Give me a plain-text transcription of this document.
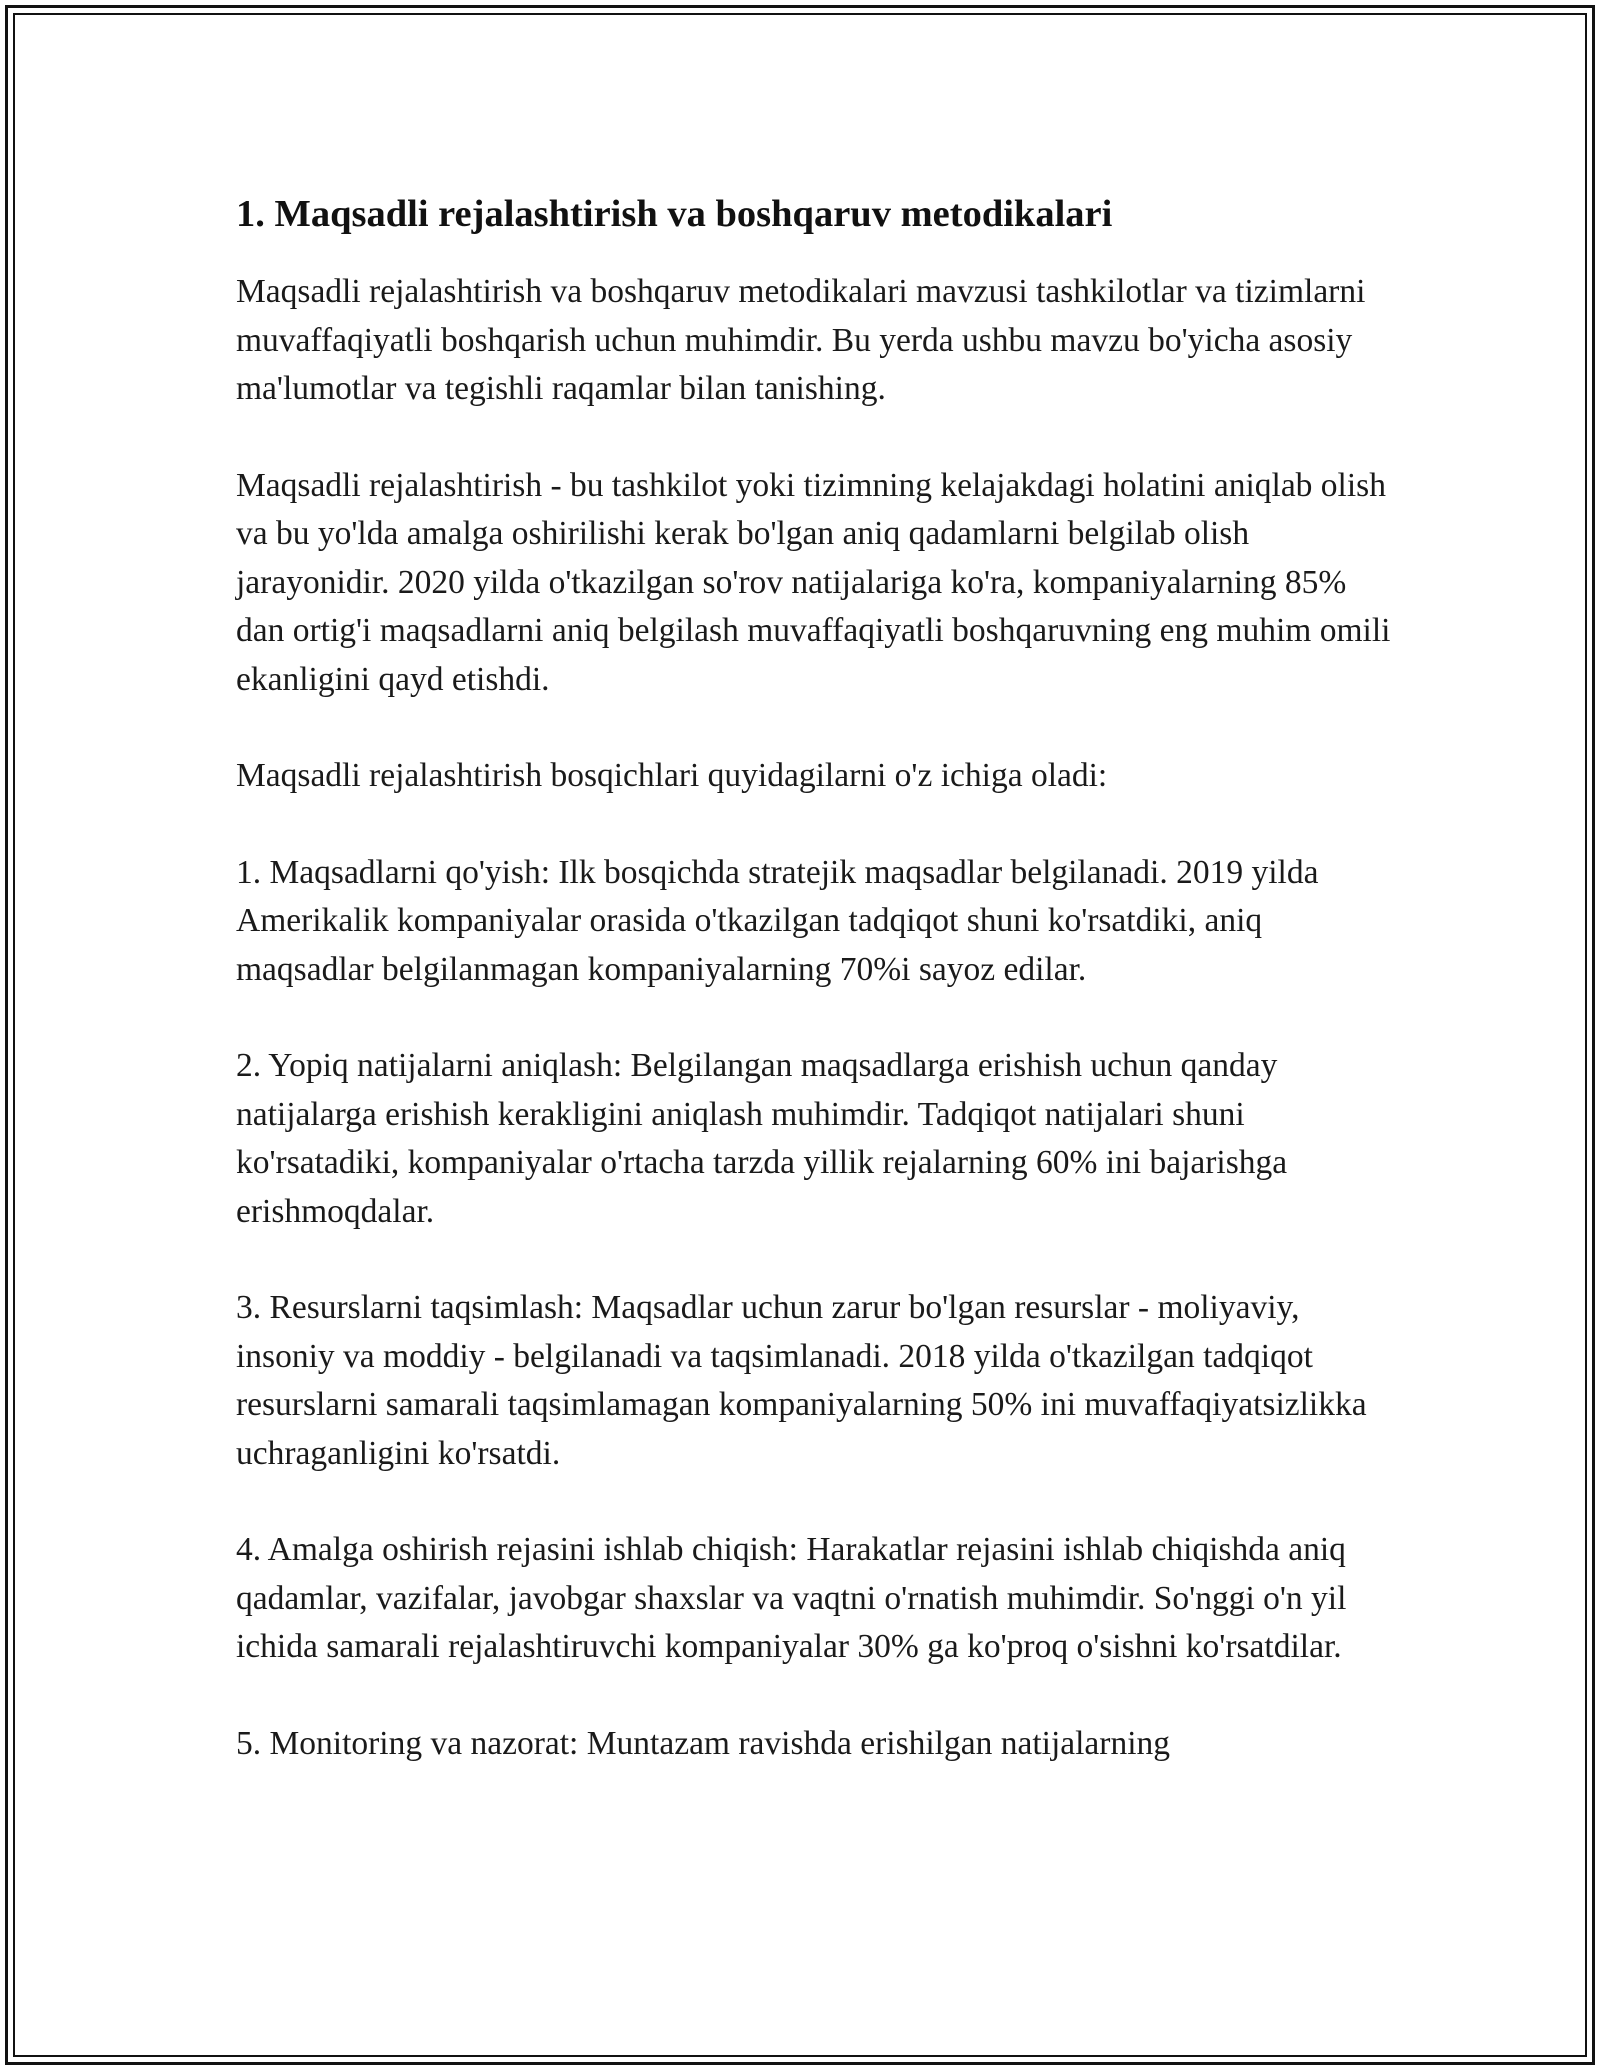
1. Maqsadli rejalashtirish va boshqaruv metodikalari

Maqsadli rejalashtirish va boshqaruv metodikalari mavzusi tashkilotlar va tizimlarni muvaffaqiyatli boshqarish uchun muhimdir. Bu yerda ushbu mavzu bo'yicha asosiy ma'lumotlar va tegishli raqamlar bilan tanishing.

Maqsadli rejalashtirish - bu tashkilot yoki tizimning kelajakdagi holatini aniqlab olish va bu yo'lda amalga oshirilishi kerak bo'lgan aniq qadamlarni belgilab olish jarayonidir. 2020 yilda o'tkazilgan so'rov natijalariga ko'ra, kompaniyalarning 85% dan ortig'i maqsadlarni aniq belgilash muvaffaqiyatli boshqaruvning eng muhim omili ekanligini qayd etishdi.

Maqsadli rejalashtirish bosqichlari quyidagilarni o'z ichiga oladi:

1. Maqsadlarni qo'yish: Ilk bosqichda stratejik maqsadlar belgilanadi. 2019 yilda Amerikalik kompaniyalar orasida o'tkazilgan tadqiqot shuni ko'rsatdiki, aniq maqsadlar belgilanmagan kompaniyalarning 70%i sayoz edilar.

2. Yopiq natijalarni aniqlash: Belgilangan maqsadlarga erishish uchun qanday natijalarga erishish kerakligini aniqlash muhimdir. Tadqiqot natijalari shuni ko'rsatadiki, kompaniyalar o'rtacha tarzda yillik rejalarning 60% ini bajarishga erishmoqdalar.

3. Resurslarni taqsimlash: Maqsadlar uchun zarur bo'lgan resurslar - moliyaviy, insoniy va moddiy - belgilanadi va taqsimlanadi. 2018 yilda o'tkazilgan tadqiqot resurslarni samarali taqsimlamagan kompaniyalarning 50% ini muvaffaqiyatsizlikka uchraganligini ko'rsatdi.

4. Amalga oshirish rejasini ishlab chiqish: Harakatlar rejasini ishlab chiqishda aniq qadamlar, vazifalar, javobgar shaxslar va vaqtni o'rnatish muhimdir. So'nggi o'n yil ichida samarali rejalashtiruvchi kompaniyalar 30% ga ko'proq o'sishni ko'rsatdilar.

5. Monitoring va nazorat: Muntazam ravishda erishilgan natijalarning
